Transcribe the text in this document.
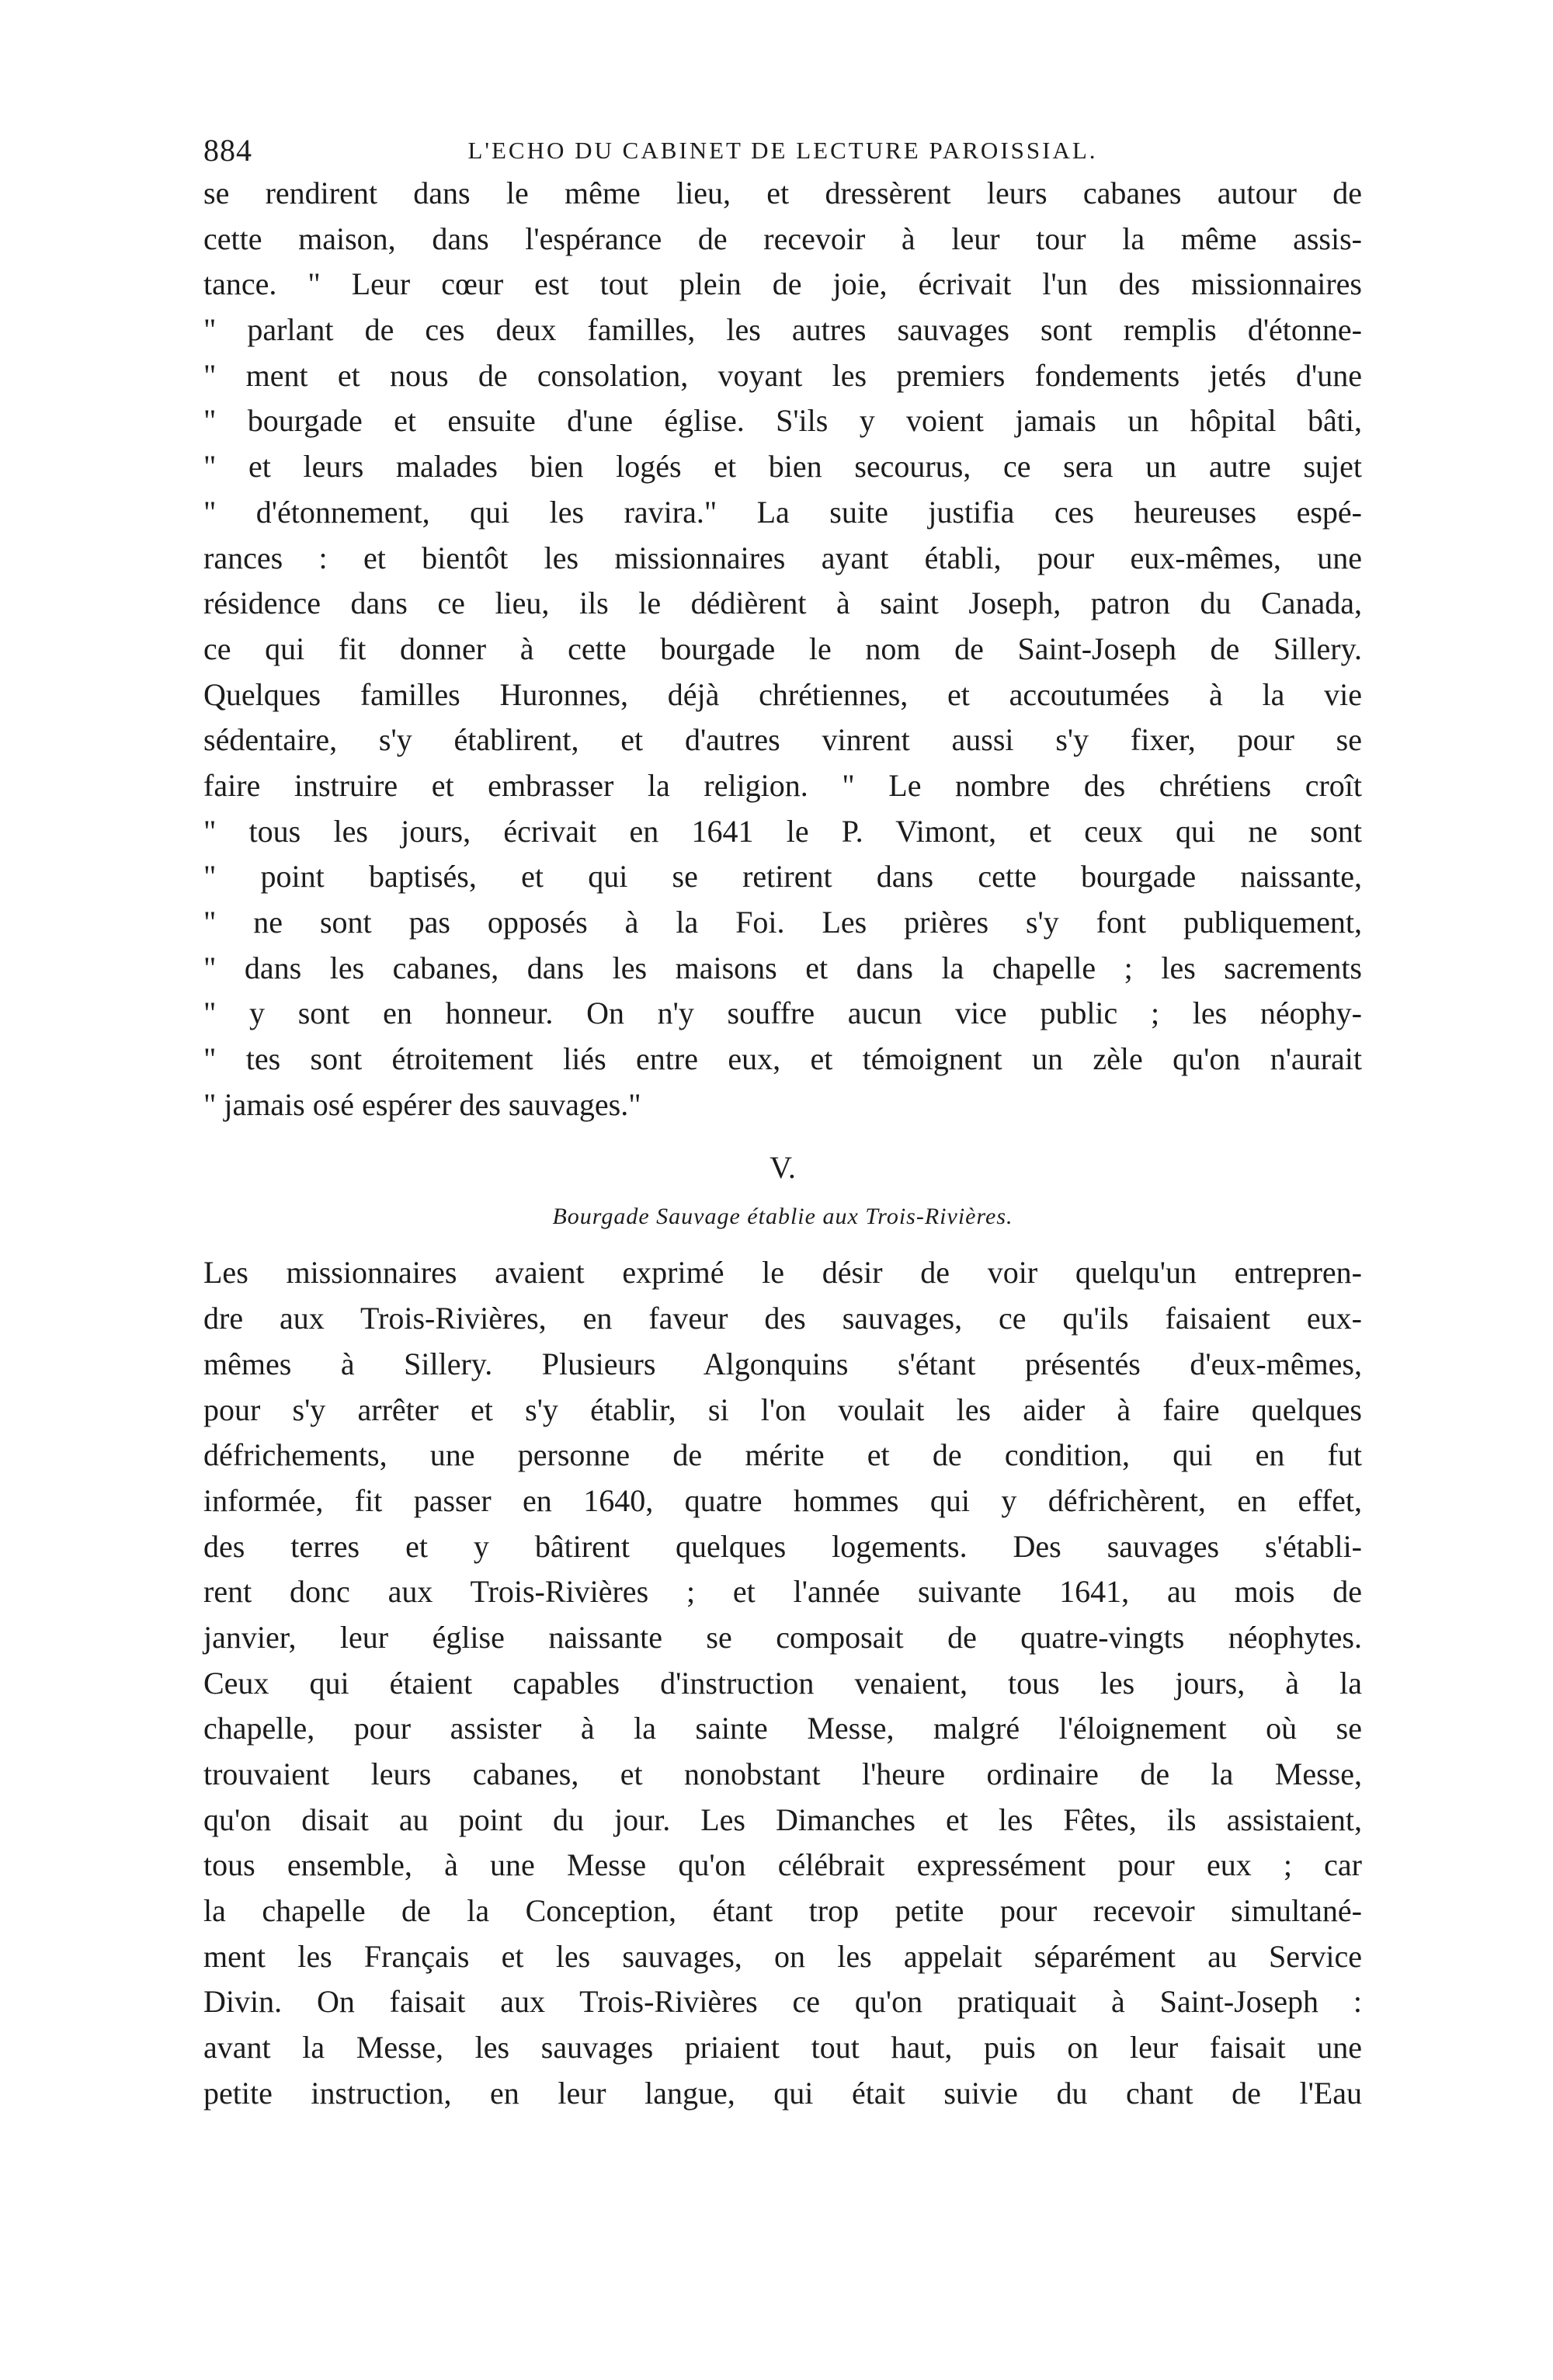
884	L'ECHO DU CABINET DE LECTURE PAROISSIAL.
se rendirent dans le même lieu, et dressèrent leurs cabanes autour de
cette maison, dans l'espérance de recevoir à leur tour la même assis-
tance. " Leur cœur est tout plein de joie, écrivait l'un des missionnaires
" parlant de ces deux familles, les autres sauvages sont remplis d'étonne-
" ment et nous de consolation, voyant les premiers fondements jetés d'une
" bourgade et ensuite d'une église. S'ils y voient jamais un hôpital bâti,
" et leurs malades bien logés et bien secourus, ce sera un autre sujet
" d'étonnement, qui les ravira." La suite justifia ces heureuses espé-
rances : et bientôt les missionnaires ayant établi, pour eux-mêmes, une
résidence dans ce lieu, ils le dédièrent à saint Joseph, patron du Canada,
ce qui fit donner à cette bourgade le nom de Saint-Joseph de Sillery.
Quelques familles Huronnes, déjà chrétiennes, et accoutumées à la vie
sédentaire, s'y établirent, et d'autres vinrent aussi s'y fixer, pour se
faire instruire et embrasser la religion. " Le nombre des chrétiens croît
" tous les jours, écrivait en 1641 le P. Vimont, et ceux qui ne sont
" point baptisés, et qui se retirent dans cette bourgade naissante,
" ne sont pas opposés à la Foi. Les prières s'y font publiquement,
" dans les cabanes, dans les maisons et dans la chapelle ; les sacrements
" y sont en honneur. On n'y souffre aucun vice public ; les néophy-
" tes sont étroitement liés entre eux, et témoignent un zèle qu'on n'aurait
" jamais osé espérer des sauvages."
V.
Bourgade Sauvage établie aux Trois-Rivières.
Les missionnaires avaient exprimé le désir de voir quelqu'un entrepren-
dre aux Trois-Rivières, en faveur des sauvages, ce qu'ils faisaient eux-
mêmes à Sillery. Plusieurs Algonquins s'étant présentés d'eux-mêmes,
pour s'y arrêter et s'y établir, si l'on voulait les aider à faire quelques
défrichements, une personne de mérite et de condition, qui en fut
informée, fit passer en 1640, quatre hommes qui y défrichèrent, en effet,
des terres et y bâtirent quelques logements. Des sauvages s'établi-
rent donc aux Trois-Rivières ; et l'année suivante 1641, au mois de
janvier, leur église naissante se composait de quatre-vingts néophytes.
Ceux qui étaient capables d'instruction venaient, tous les jours, à la
chapelle, pour assister à la sainte Messe, malgré l'éloignement où se
trouvaient leurs cabanes, et nonobstant l'heure ordinaire de la Messe,
qu'on disait au point du jour. Les Dimanches et les Fêtes, ils assistaient,
tous ensemble, à une Messe qu'on célébrait expressément pour eux ; car
la chapelle de la Conception, étant trop petite pour recevoir simultané-
ment les Français et les sauvages, on les appelait séparément au Service
Divin. On faisait aux Trois-Rivières ce qu'on pratiquait à Saint-Joseph :
avant la Messe, les sauvages priaient tout haut, puis on leur faisait une
petite instruction, en leur langue, qui était suivie du chant de l'Eau
